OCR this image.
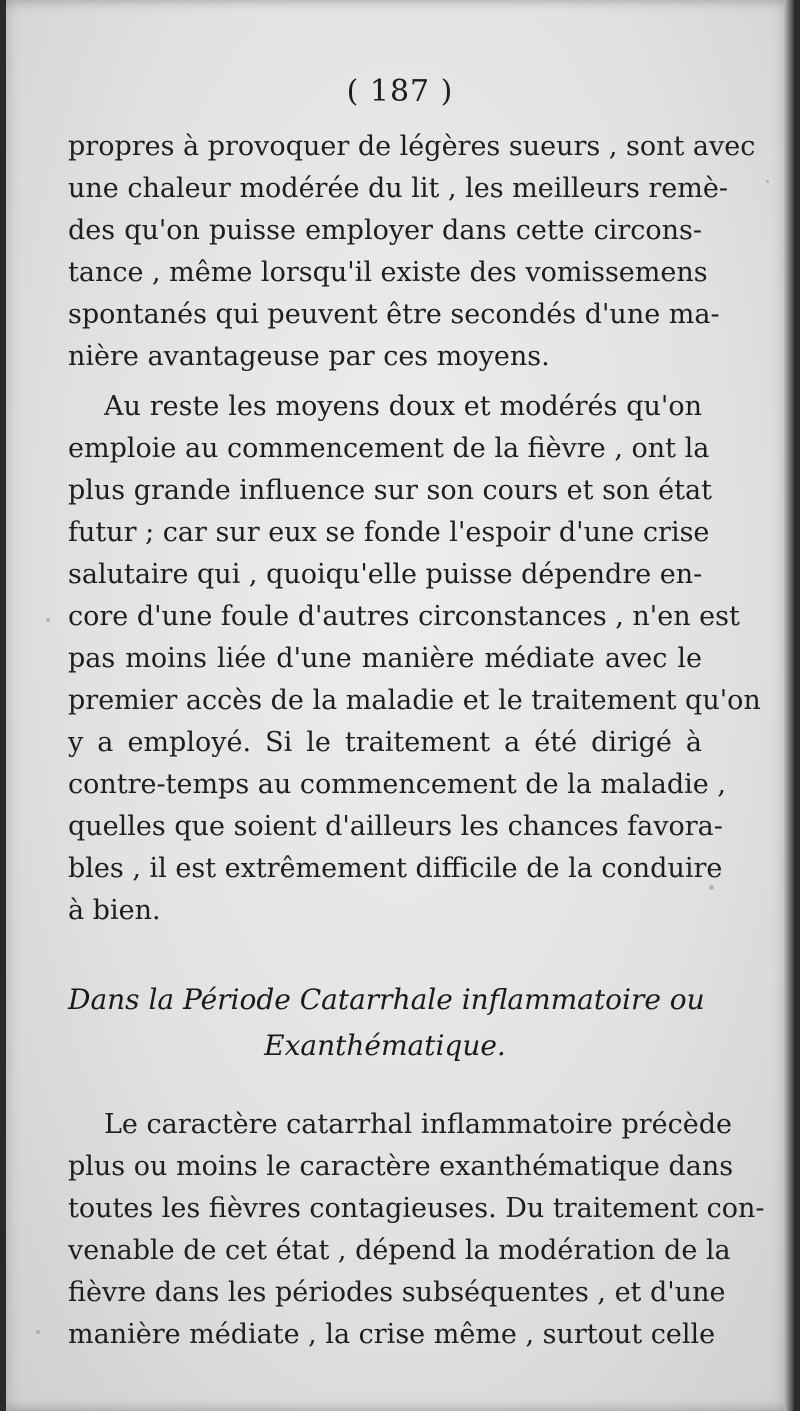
( 187 )
propres à provoquer de légères sueurs , sont avec
une chaleur modérée du lit , les meilleurs remè-
des qu'on puisse employer dans cette circons-
tance , même lorsqu'il existe des vomissemens
spontanés qui peuvent être secondés d'une ma-
nière avantageuse par ces moyens.
Au reste les moyens doux et modérés qu'on
emploie au commencement de la fièvre , ont la
plus grande influence sur son cours et son état
futur ; car sur eux se fonde l'espoir d'une crise
salutaire qui , quoiqu'elle puisse dépendre en-
core d'une foule d'autres circonstances , n'en est
pas moins liée d'une manière médiate avec le
premier accès de la maladie et le traitement qu'on
y a employé. Si le traitement a été dirigé à
contre-temps au commencement de la maladie ,
quelles que soient d'ailleurs les chances favora-
bles , il est extrêmement difficile de la conduire
à bien.
Dans la Période Catarrhale inflammatoire ou
Exanthématique.
Le caractère catarrhal inflammatoire précède
plus ou moins le caractère exanthématique dans
toutes les fièvres contagieuses. Du traitement con-
venable de cet état , dépend la modération de la
fièvre dans les périodes subséquentes , et d'une
manière médiate , la crise même , surtout celle
